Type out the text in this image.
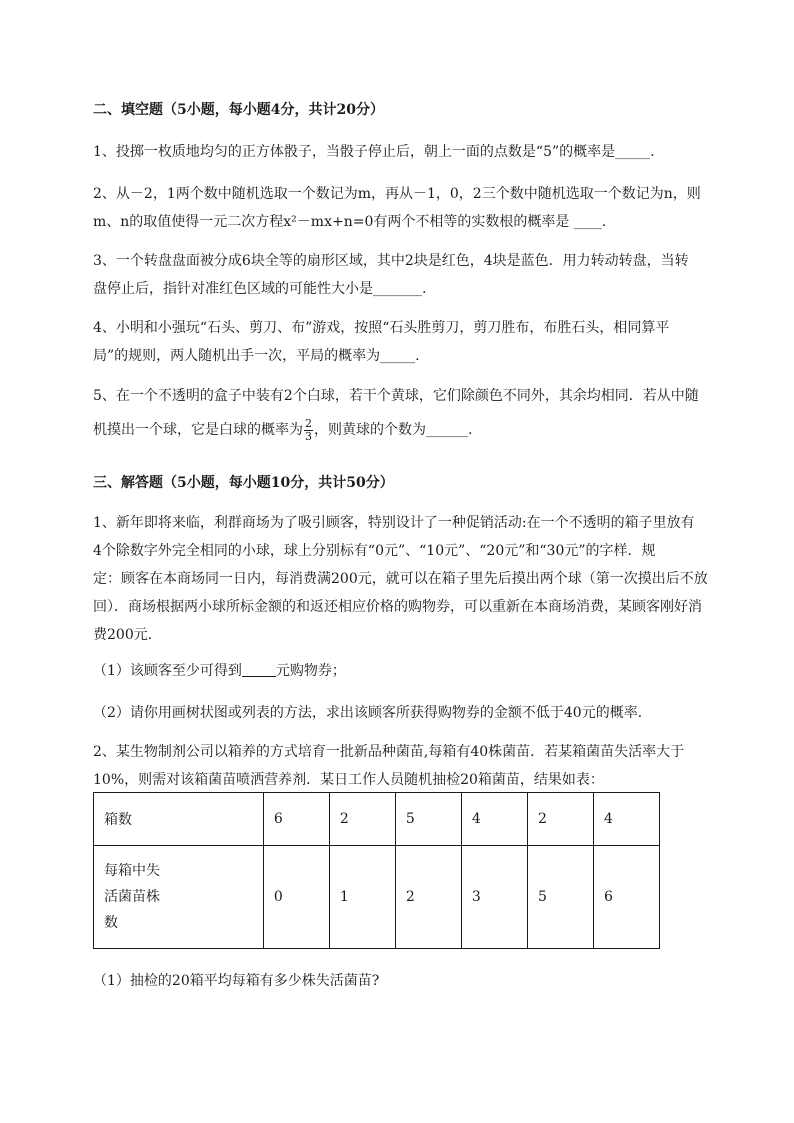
二、填空题（5小题，每小题4分，共计20分）
1、投掷一枚质地均匀的正方体骰子，当骰子停止后，朝上一面的点数是“5”的概率是_____.
2、从－2，1两个数中随机选取一个数记为m，再从－1，0，2三个数中随机选取一个数记为n，则
m、n的取值使得一元二次方程x²－mx+n=0有两个不相等的实数根的概率是 ____.
3、一个转盘盘面被分成6块全等的扇形区域，其中2块是红色，4块是蓝色．用力转动转盘，当转
盘停止后，指针对准红色区域的可能性大小是_______.
4、小明和小强玩“石头、剪刀、布”游戏，按照“石头胜剪刀，剪刀胜布，布胜石头，相同算平
局”的规则，两人随机出手一次，平局的概率为_____.
5、在一个不透明的盒子中装有2个白球，若干个黄球，它们除颜色不同外，其余均相同．若从中随
机摸出一个球，它是白球的概率为 $\frac{2}{3}$ ，则黄球的个数为______.
三、解答题（5小题，每小题10分，共计50分）
1、新年即将来临，利群商场为了吸引顾客，特别设计了一种促销活动:在一个不透明的箱子里放有
4个除数字外完全相同的小球，球上分别标有“0元”、“10元”、“20元”和“30元”的字样．规
定：顾客在本商场同一日内，每消费满200元，就可以在箱子里先后摸出两个球（第一次摸出后不放
回）．商场根据两小球所标金额的和返还相应价格的购物券，可以重新在本商场消费，某顾客刚好消
费200元．
（1）该顾客至少可得到 元购物券；
（2）请你用画树状图或列表的方法，求出该顾客所获得购物券的金额不低于40元的概率．
2、某生物制剂公司以箱养的方式培育一批新品种菌苗,每箱有40株菌苗．若某箱菌苗失活率大于
10%，则需对该箱菌苗喷洒营养剂．某日工作人员随机抽检20箱菌苗，结果如表：
箱数	6	2	5	4	2	4

每箱中失
活菌苗株
数	0	1	2	3	5	6
（1）抽检的20箱平均每箱有多少株失活菌苗?
